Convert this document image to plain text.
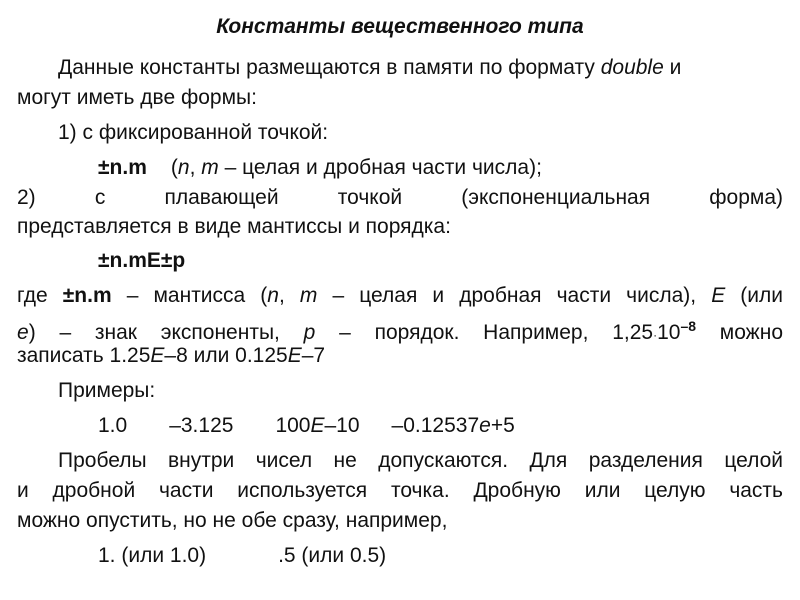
Константы вещественного типа

Данные константы размещаются в памяти по формату double и
могут иметь две формы:
1) с фиксированной точкой:
±n.m (n, m – целая и дробная части числа);
2) с плавающей точкой (экспоненциальная форма)
представляется в виде мантиссы и порядка:
±n.mE±p
где ±n.m – мантисса (n, m – целая и дробная части числа), E (или
e) – знак экспоненты, p – порядок. Например, $1,25\cdot 10^{-8}$ можно
записать 1.25E–8 или 0.125E–7
Примеры:
1.0 –3.125 100E–10 –0.12537e+5
Пробелы внутри чисел не допускаются. Для разделения целой
и дробной части используется точка. Дробную или целую часть
можно опустить, но не обе сразу, например,
1. (или 1.0)	.5 (или 0.5)
